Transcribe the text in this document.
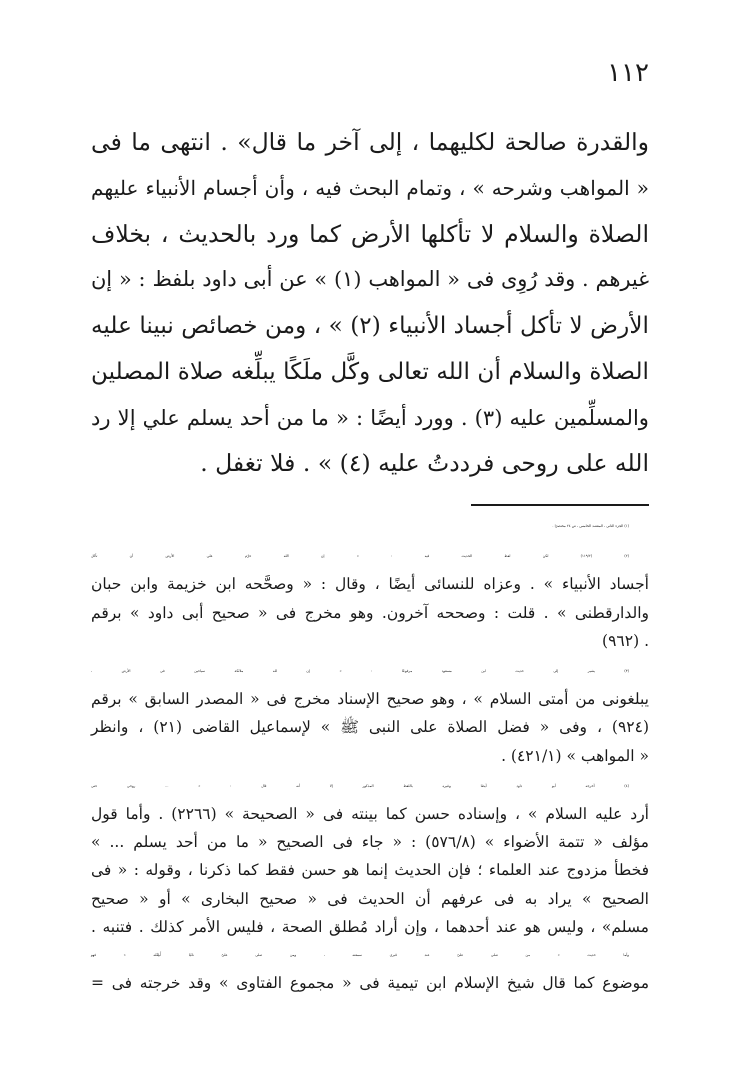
١١٢
والقدرة صالحة لكليهما ، إلى آخر ما قال» . انتهى ما فى
« المواهب وشرحه » ، وتمام البحث فيه ، وأن أجسام الأنبياء عليهم
الصلاة والسلام لا تأكلها الأرض كما ورد بالحديث ، بخلاف
غيرهم . وقد رُوِى فى « المواهب (١) » عن أبى داود بلفظ : « إن
الأرض لا تأكل أجساد الأنبياء (٢) » ، ومن خصائص نبينا عليه
الصلاة والسلام أن الله تعالى وكَّل ملَكًا يبلِّغه صلاة المصلين
والمسلِّمين عليه (٣) . وورد أيضًا : « ما من أحد يسلم علي إلا رد
الله على روحى فرددتُ عليه (٤) » . فلا تغفل .
(١) الجزء الثانى ، المقصد الخامس ، ص ٢٤ مختصرًا .
(٢) (١١٩/٢) لكن لفظ الحديث فيه : « إن الله حرَّم على الأرض أن تأكل
أجساد الأنبياء » . وعزاه للنسائى أيضًا ، وقال : « وصحَّحه ابن خزيمة وابن حبان
والدارقطنى » . قلت : وصححه آخرون. وهو مخرج فى « صحيح أبى داود » برقم
. (٩٦٢)
(٣) يشير إلى حديث ابن مسعود مرفوعًا : « إن لله ملائكة سياحين فى الأرض ،
يبلغونى من أمتى السلام » ، وهو صحيح الإسناد مخرج فى « المصدر السابق » برقم
(٩٢٤) ، وفى « فضل الصلاة على النبى ﷺ » لإسماعيل القاضى (٢١) ، وانظر
« المواهب » (٤٢١/١) .
(٤) أخرجه أبو داود أيضًا وغيره باللفظ المذكور إلا أنه قال : « ... روحى حتى
أرد عليه السلام » ، وإسناده حسن كما بينته فى « الصحيحة » (٢٢٦٦) . وأما قول
مؤلف « تتمة الأضواء » (٥٧٦/٨) : « جاء فى الصحيح « ما من أحد يسلم ... »
فخطأ مزدوج عند العلماء ؛ فإن الحديث إنما هو حسن فقط كما ذكرنا ، وقوله : « فى
الصحيح » يراد به فى عرفهم أن الحديث فى « صحيح البخارى » أو « صحيح
مسلم» ، وليس هو عند أحدهما ، وإن أراد مُطلق الصحة ، فليس الأمر كذلك . فتنبه .
وأما حديث « من صلى علىّ عند قبرى سمعته ، ومن صلى علىّ نائيًا أُبلِغْتُه » فهو
موضوع كما قال شيخ الإسلام ابن تيمية فى « مجموع الفتاوى » وقد خرجته فى =
